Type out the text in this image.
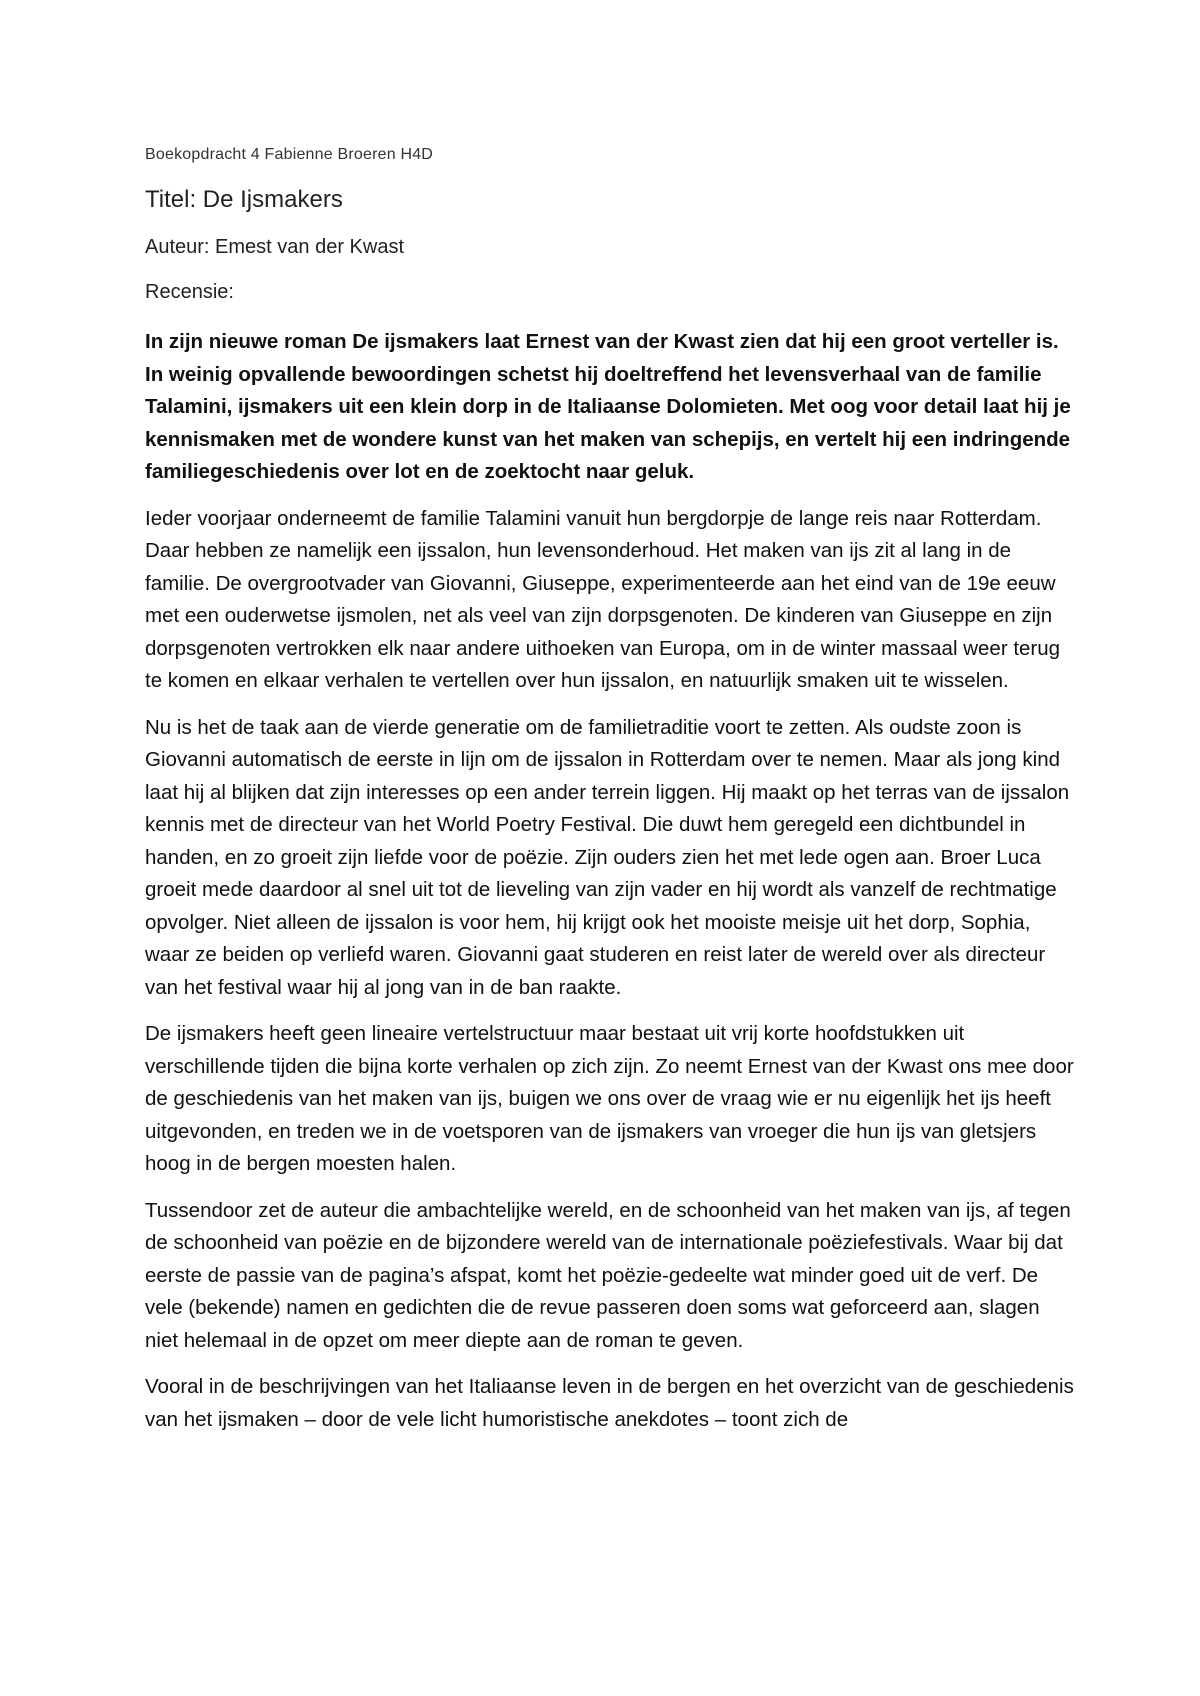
Boekopdracht 4 Fabienne Broeren H4D

Titel: De Ijsmakers

Auteur: Emest van der Kwast

Recensie:

In zijn nieuwe roman De ijsmakers laat Ernest van der Kwast zien dat hij een groot verteller is. In weinig opvallende bewoordingen schetst hij doeltreffend het levensverhaal van de familie Talamini, ijsmakers uit een klein dorp in de Italiaanse Dolomieten. Met oog voor detail laat hij je kennismaken met de wondere kunst van het maken van schepijs, en vertelt hij een indringende familiegeschiedenis over lot en de zoektocht naar geluk.

Ieder voorjaar onderneemt de familie Talamini vanuit hun bergdorpje de lange reis naar Rotterdam. Daar hebben ze namelijk een ijssalon, hun levensonderhoud. Het maken van ijs zit al lang in de familie. De overgrootvader van Giovanni, Giuseppe, experimenteerde aan het eind van de 19e eeuw met een ouderwetse ijsmolen, net als veel van zijn dorpsgenoten. De kinderen van Giuseppe en zijn dorpsgenoten vertrokken elk naar andere uithoeken van Europa, om in de winter massaal weer terug te komen en elkaar verhalen te vertellen over hun ijssalon, en natuurlijk smaken uit te wisselen.

Nu is het de taak aan de vierde generatie om de familietraditie voort te zetten. Als oudste zoon is Giovanni automatisch de eerste in lijn om de ijssalon in Rotterdam over te nemen. Maar als jong kind laat hij al blijken dat zijn interesses op een ander terrein liggen. Hij maakt op het terras van de ijssalon kennis met de directeur van het World Poetry Festival. Die duwt hem geregeld een dichtbundel in handen, en zo groeit zijn liefde voor de poëzie. Zijn ouders zien het met lede ogen aan. Broer Luca groeit mede daardoor al snel uit tot de lieveling van zijn vader en hij wordt als vanzelf de rechtmatige opvolger. Niet alleen de ijssalon is voor hem, hij krijgt ook het mooiste meisje uit het dorp, Sophia, waar ze beiden op verliefd waren. Giovanni gaat studeren en reist later de wereld over als directeur van het festival waar hij al jong van in de ban raakte.

De ijsmakers heeft geen lineaire vertelstructuur maar bestaat uit vrij korte hoofdstukken uit verschillende tijden die bijna korte verhalen op zich zijn. Zo neemt Ernest van der Kwast ons mee door de geschiedenis van het maken van ijs, buigen we ons over de vraag wie er nu eigenlijk het ijs heeft uitgevonden, en treden we in de voetsporen van de ijsmakers van vroeger die hun ijs van gletsjers hoog in de bergen moesten halen.

Tussendoor zet de auteur die ambachtelijke wereld, en de schoonheid van het maken van ijs, af tegen de schoonheid van poëzie en de bijzondere wereld van de internationale poëziefestivals. Waar bij dat eerste de passie van de pagina’s afspat, komt het poëzie-gedeelte wat minder goed uit de verf. De vele (bekende) namen en gedichten die de revue passeren doen soms wat geforceerd aan, slagen niet helemaal in de opzet om meer diepte aan de roman te geven.

Vooral in de beschrijvingen van het Italiaanse leven in de bergen en het overzicht van de geschiedenis van het ijsmaken – door de vele licht humoristische anekdotes – toont zich de
